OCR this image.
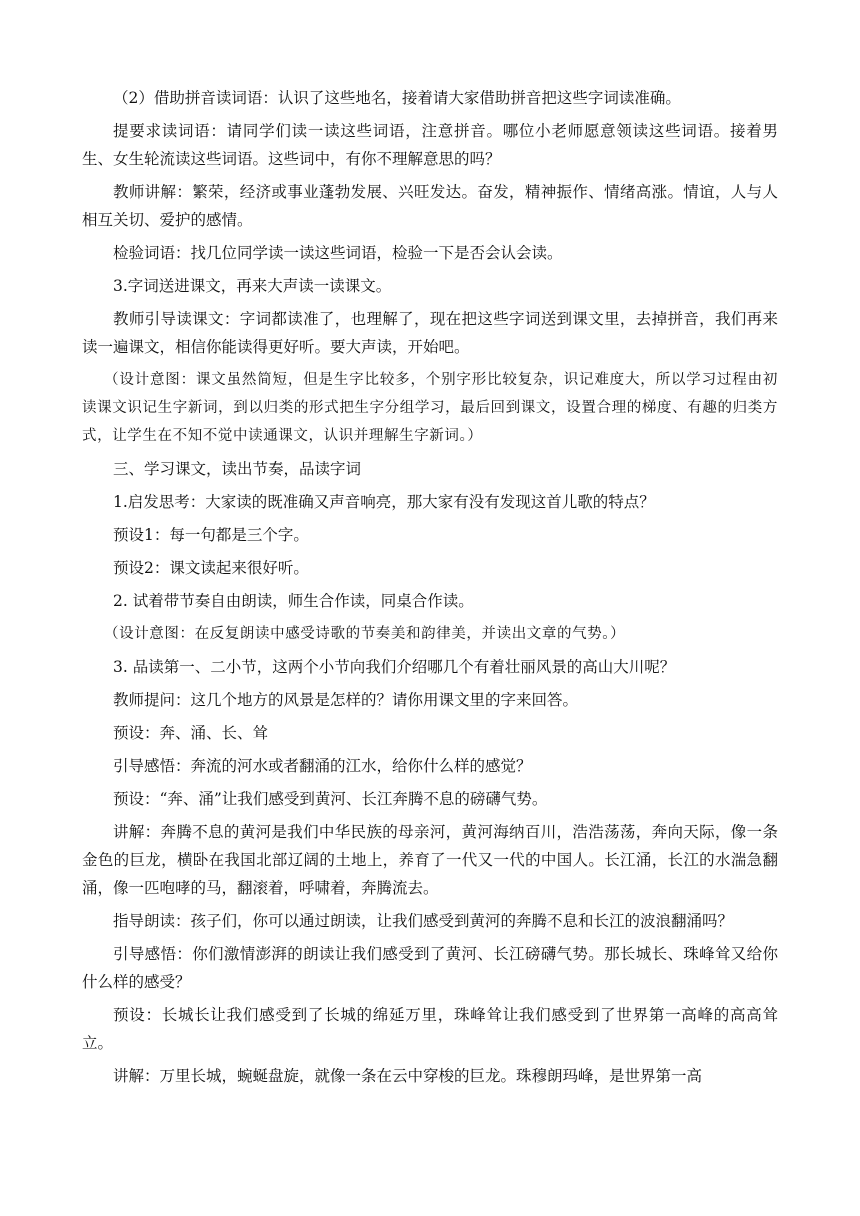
（2）借助拼音读词语：认识了这些地名，接着请大家借助拼音把这些字词读准确。

提要求读词语：请同学们读一读这些词语，注意拼音。哪位小老师愿意领读这些词语。接着男生、女生轮流读这些词语。这些词中，有你不理解意思的吗？

教师讲解：繁荣，经济或事业蓬勃发展、兴旺发达。奋发，精神振作、情绪高涨。情谊，人与人相互关切、爱护的感情。

检验词语：找几位同学读一读这些词语，检验一下是否会认会读。

3.字词送进课文，再来大声读一读课文。

教师引导读课文：字词都读准了，也理解了，现在把这些字词送到课文里，去掉拼音，我们再来读一遍课文，相信你能读得更好听。要大声读，开始吧。

（设计意图：课文虽然简短，但是生字比较多，个别字形比较复杂，识记难度大，所以学习过程由初读课文识记生字新词，到以归类的形式把生字分组学习，最后回到课文，设置合理的梯度、有趣的归类方式，让学生在不知不觉中读通课文，认识并理解生字新词。）

三、学习课文，读出节奏，品读字词

1.启发思考：大家读的既准确又声音响亮，那大家有没有发现这首儿歌的特点？

预设1：每一句都是三个字。

预设2：课文读起来很好听。

2. 试着带节奏自由朗读，师生合作读，同桌合作读。

（设计意图：在反复朗读中感受诗歌的节奏美和韵律美，并读出文章的气势。）

3. 品读第一、二小节，这两个小节向我们介绍哪几个有着壮丽风景的高山大川呢？

教师提问：这几个地方的风景是怎样的？请你用课文里的字来回答。

预设：奔、涌、长、耸

引导感悟：奔流的河水或者翻涌的江水，给你什么样的感觉？

预设：“奔、涌”让我们感受到黄河、长江奔腾不息的磅礴气势。

讲解：奔腾不息的黄河是我们中华民族的母亲河，黄河海纳百川，浩浩荡荡，奔向天际，像一条金色的巨龙，横卧在我国北部辽阔的土地上，养育了一代又一代的中国人。长江涌，长江的水湍急翻涌，像一匹咆哮的马，翻滚着，呼啸着，奔腾流去。

指导朗读：孩子们，你可以通过朗读，让我们感受到黄河的奔腾不息和长江的波浪翻涌吗？

引导感悟：你们激情澎湃的朗读让我们感受到了黄河、长江磅礴气势。那长城长、珠峰耸又给你什么样的感受？

预设：长城长让我们感受到了长城的绵延万里，珠峰耸让我们感受到了世界第一高峰的高高耸立。

讲解：万里长城，蜿蜒盘旋，就像一条在云中穿梭的巨龙。珠穆朗玛峰，是世界第一高
